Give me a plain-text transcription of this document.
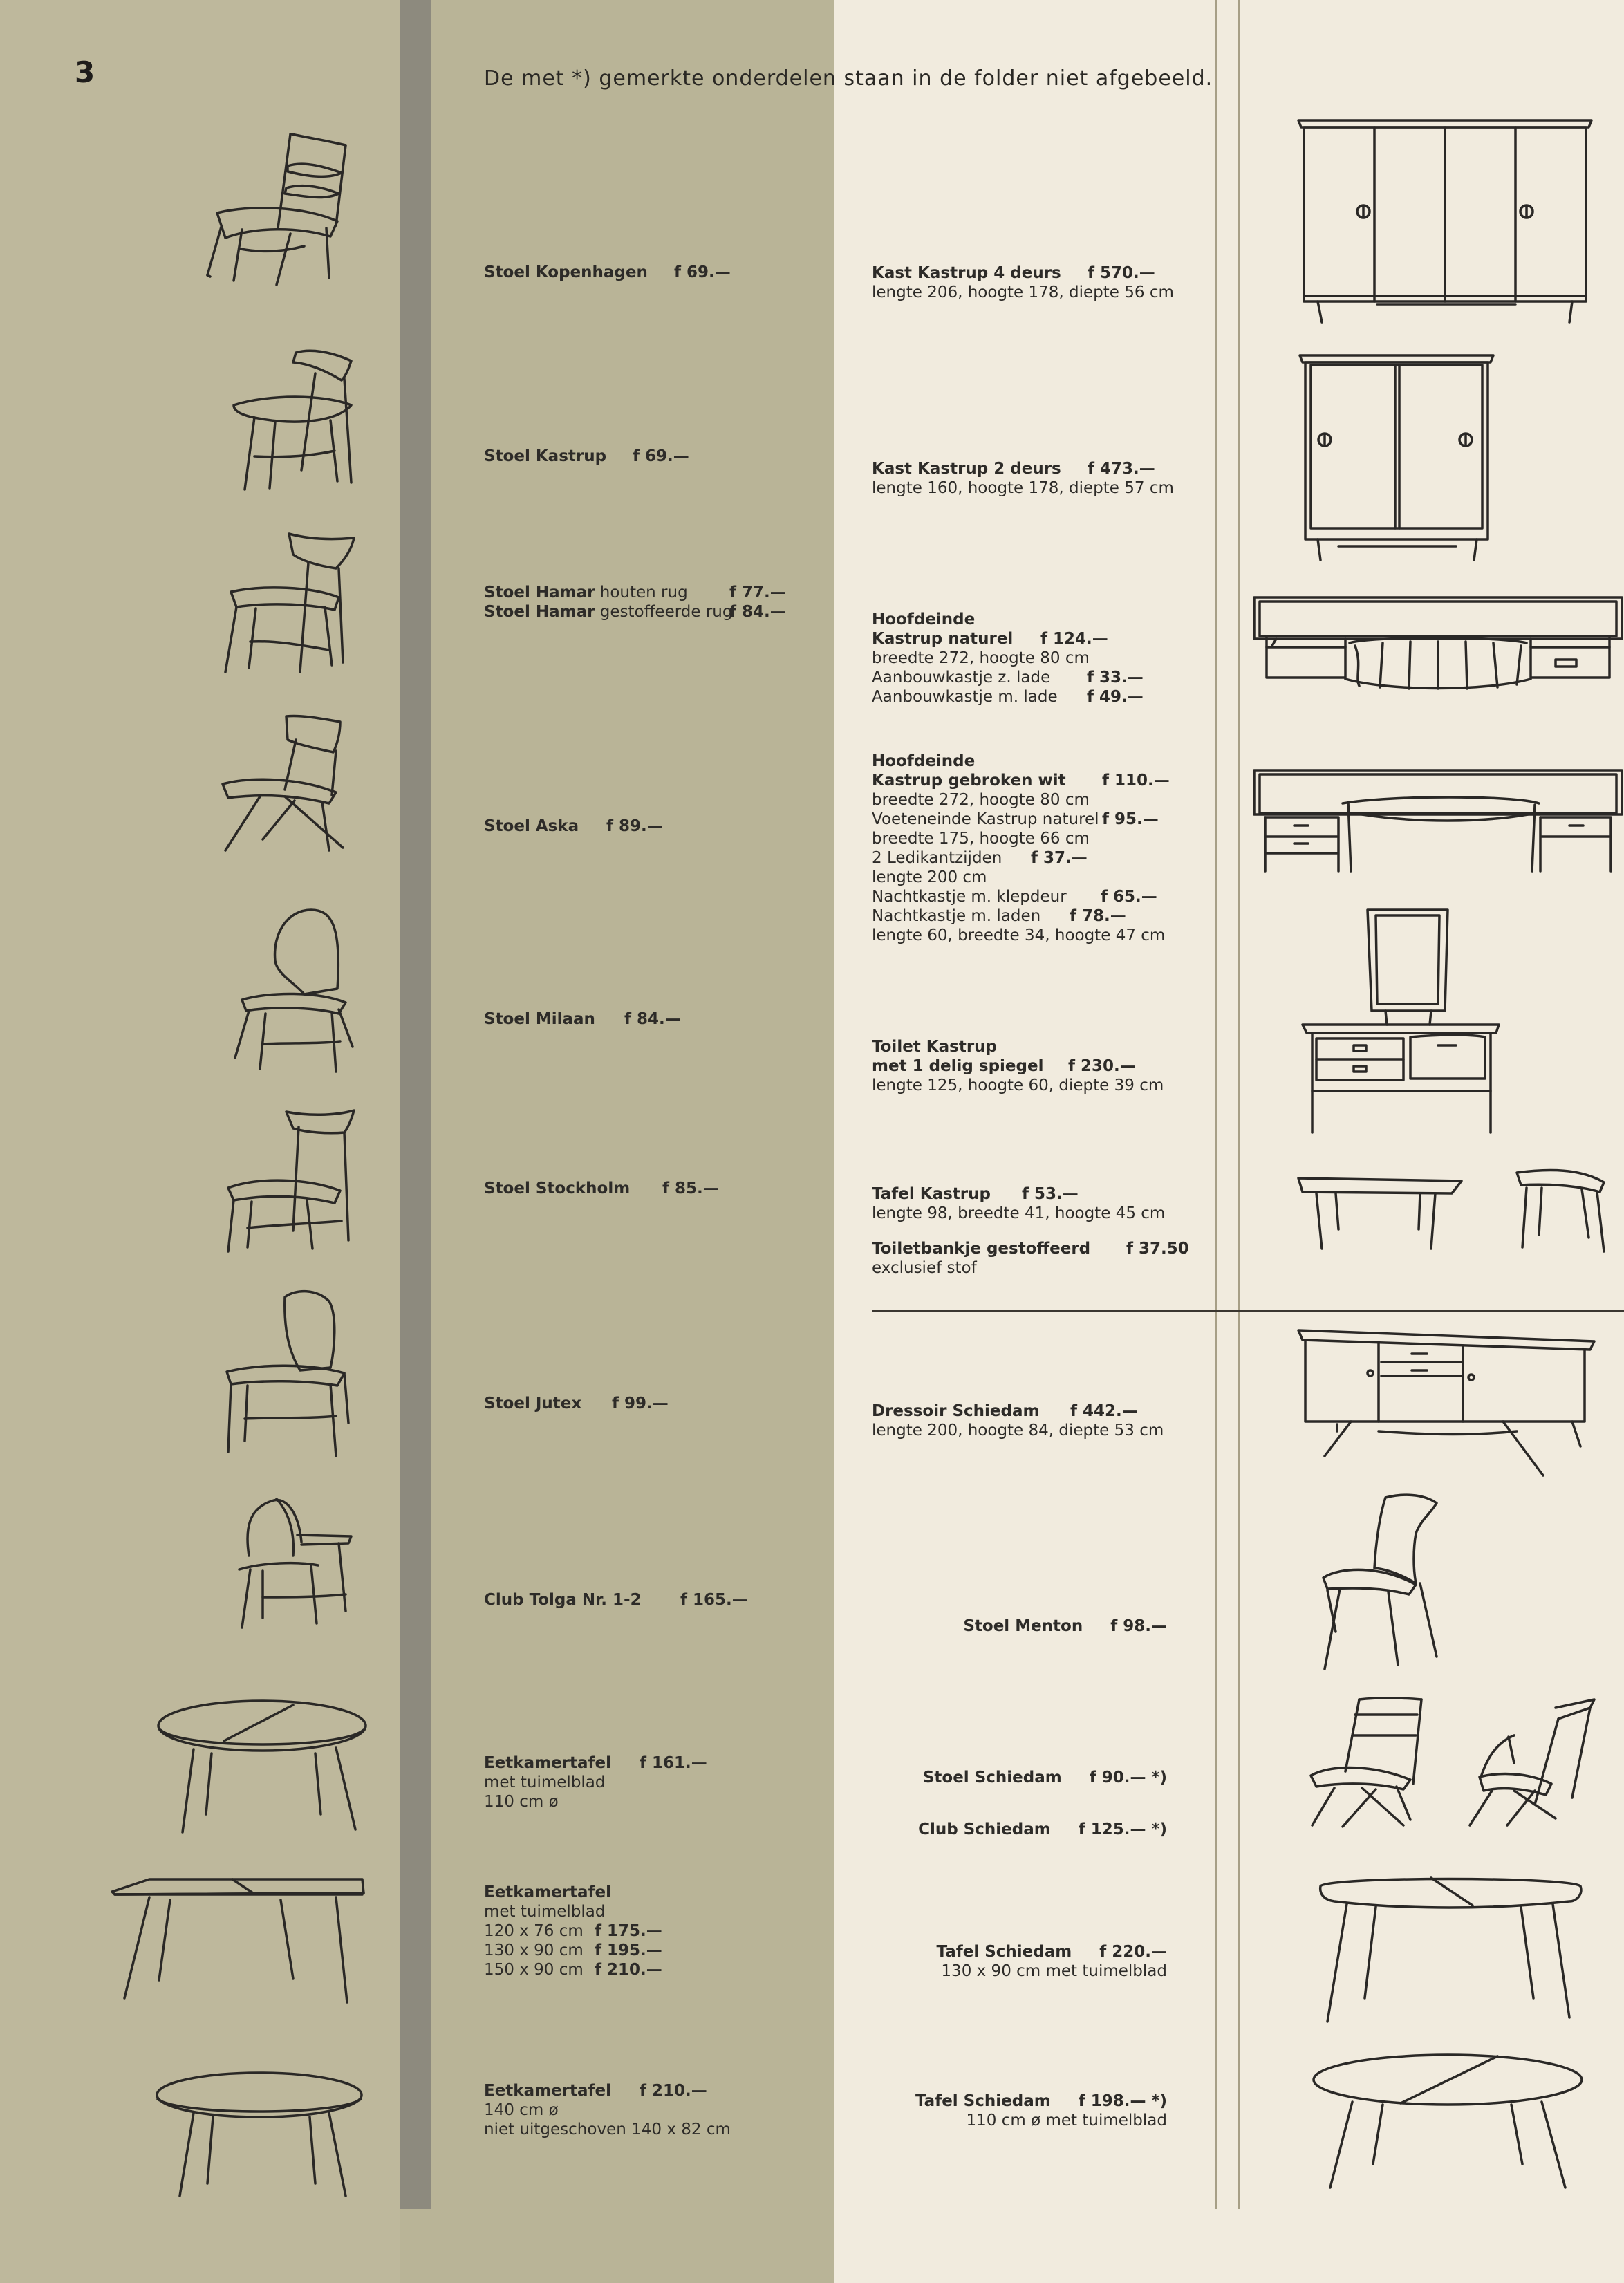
3	De met *) gemerkte onderdelen staan in de folder niet afgebeeld.
Stoel Kopenhagen f 69.—
Stoel Kastrup f 69.—
Stoel Hamar houten rug	f 77.—
Stoel Hamar gestoffeerde rug
f 84.—
Stoel Aska f 89.—
Stoel Milaan f 84.—
Stoel Stockholm f 85.—
Stoel Jutex f 99.—
Club Tolga Nr. 1-2 f 165.—
Eetkamertafel f 161.—
met tuimelblad
110 cm ø
Eetkamertafel
met tuimelblad
120 x 76 cm f 175.—
130 x 90 cm f 195.—
150 x 90 cm f 210.—
Eetkamertafel f 210.—
140 cm ø
niet uitgeschoven 140 x 82 cm
Kast Kastrup 4 deurs f 570.—
lengte 206, hoogte 178, diepte 56 cm
Kast Kastrup 2 deurs f 473.—
lengte 160, hoogte 178, diepte 57 cm
Hoofdeinde
Kastrup naturel f 124.—
breedte 272, hoogte 80 cm
Aanbouwkastje z. lade f 33.—
Aanbouwkastje m. lade f 49.—
Hoofdeinde
Kastrup gebroken wit f 110.—
breedte 272, hoogte 80 cm
Voeteneinde Kastrup naturel f 95.—
breedte 175, hoogte 66 cm
2 Ledikantzijden f 37.—
lengte 200 cm
Nachtkastje m. klepdeur f 65.—
Nachtkastje m. laden f 78.—
lengte 60, breedte 34, hoogte 47 cm
Toilet Kastrup
met 1 delig spiegel f 230.—
lengte 125, hoogte 60, diepte 39 cm
Tafel Kastrup f 53.—
lengte 98, breedte 41, hoogte 45 cm
Toiletbankje gestoffeerd f 37.50
exclusief stof
Dressoir Schiedam f 442.—
lengte 200, hoogte 84, diepte 53 cm
Stoel Menton f 98.—
Stoel Schiedam f 90.— *)
Club Schiedam f 125.— *)
Tafel Schiedam f 220.—
130 x 90 cm met tuimelblad
Tafel Schiedam f 198.— *)
110 cm ø met tuimelblad
